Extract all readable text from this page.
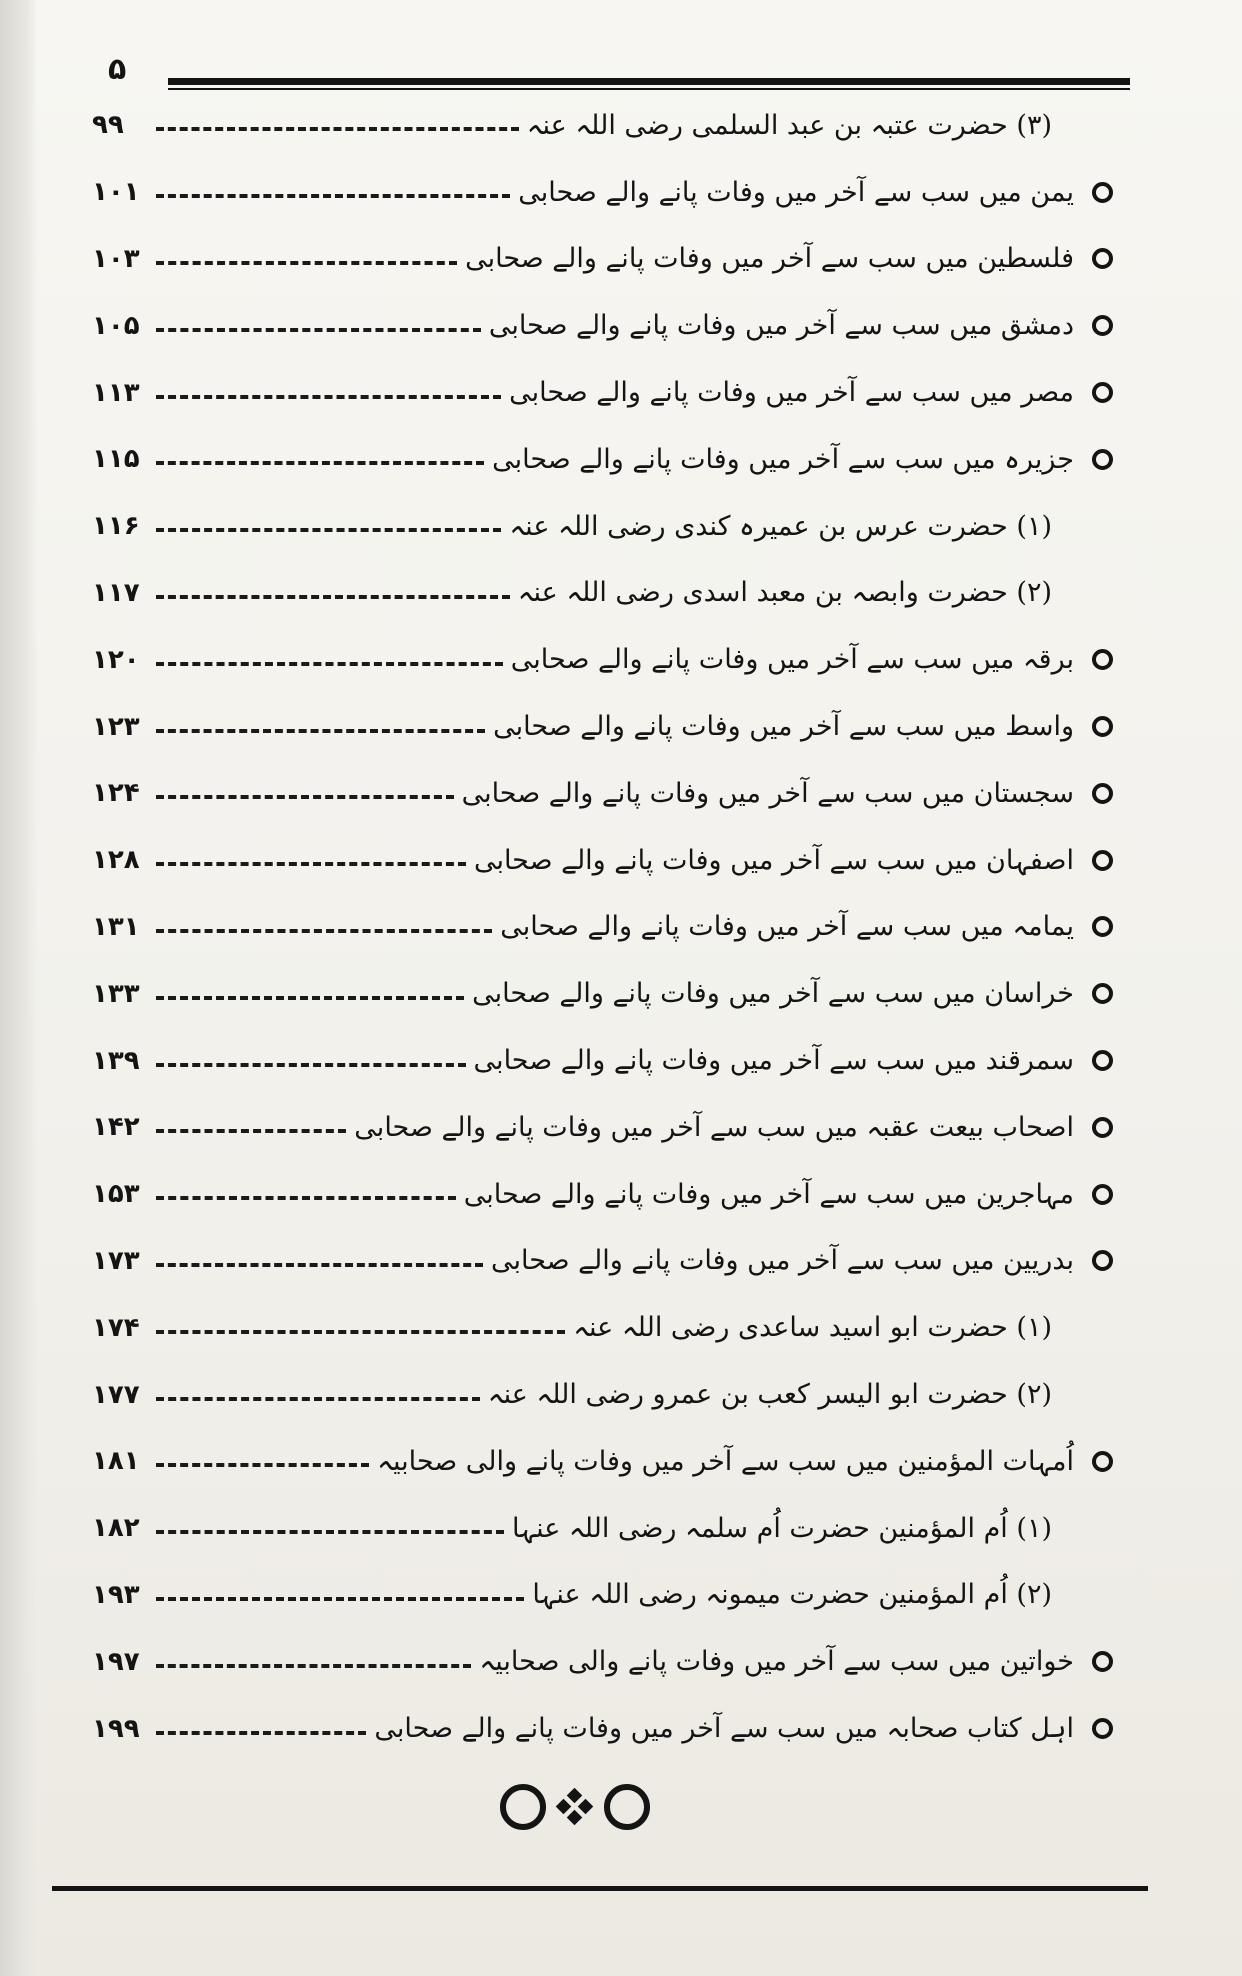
۵
۹۹	(۳) حضرت عتبہ بن عبد السلمی رضی اللہ عنہ
۱۰۱	یمن میں سب سے آخر میں وفات پانے والے صحابی
۱۰۳	فلسطین میں سب سے آخر میں وفات پانے والے صحابی
۱۰۵	دمشق میں سب سے آخر میں وفات پانے والے صحابی
۱۱۳	مصر میں سب سے آخر میں وفات پانے والے صحابی
۱۱۵	جزیرہ میں سب سے آخر میں وفات پانے والے صحابی
۱۱۶	(۱) حضرت عرس بن عمیرہ کندی رضی اللہ عنہ
۱۱۷	(۲) حضرت وابصہ بن معبد اسدی رضی اللہ عنہ
۱۲۰	برقہ میں سب سے آخر میں وفات پانے والے صحابی
۱۲۳	واسط میں سب سے آخر میں وفات پانے والے صحابی
۱۲۴	سجستان میں سب سے آخر میں وفات پانے والے صحابی
۱۲۸	اصفہان میں سب سے آخر میں وفات پانے والے صحابی
۱۳۱	یمامہ میں سب سے آخر میں وفات پانے والے صحابی
۱۳۳	خراسان میں سب سے آخر میں وفات پانے والے صحابی
۱۳۹	سمرقند میں سب سے آخر میں وفات پانے والے صحابی
۱۴۲	اصحاب بیعت عقبہ میں سب سے آخر میں وفات پانے والے صحابی
۱۵۳	مہاجرین میں سب سے آخر میں وفات پانے والے صحابی
۱۷۳	بدریین میں سب سے آخر میں وفات پانے والے صحابی
۱۷۴	(۱) حضرت ابو اسید ساعدی رضی اللہ عنہ
۱۷۷	(۲) حضرت ابو الیسر کعب بن عمرو رضی اللہ عنہ
۱۸۱	اُمہات المؤمنین میں سب سے آخر میں وفات پانے والی صحابیہ
۱۸۲	(۱) اُم المؤمنین حضرت اُم سلمہ رضی اللہ عنہا
۱۹۳	(۲) اُم المؤمنین حضرت میمونہ رضی اللہ عنہا
۱۹۷	خواتین میں سب سے آخر میں وفات پانے والی صحابیہ
۱۹۹	اہل کتاب صحابہ میں سب سے آخر میں وفات پانے والے صحابی
